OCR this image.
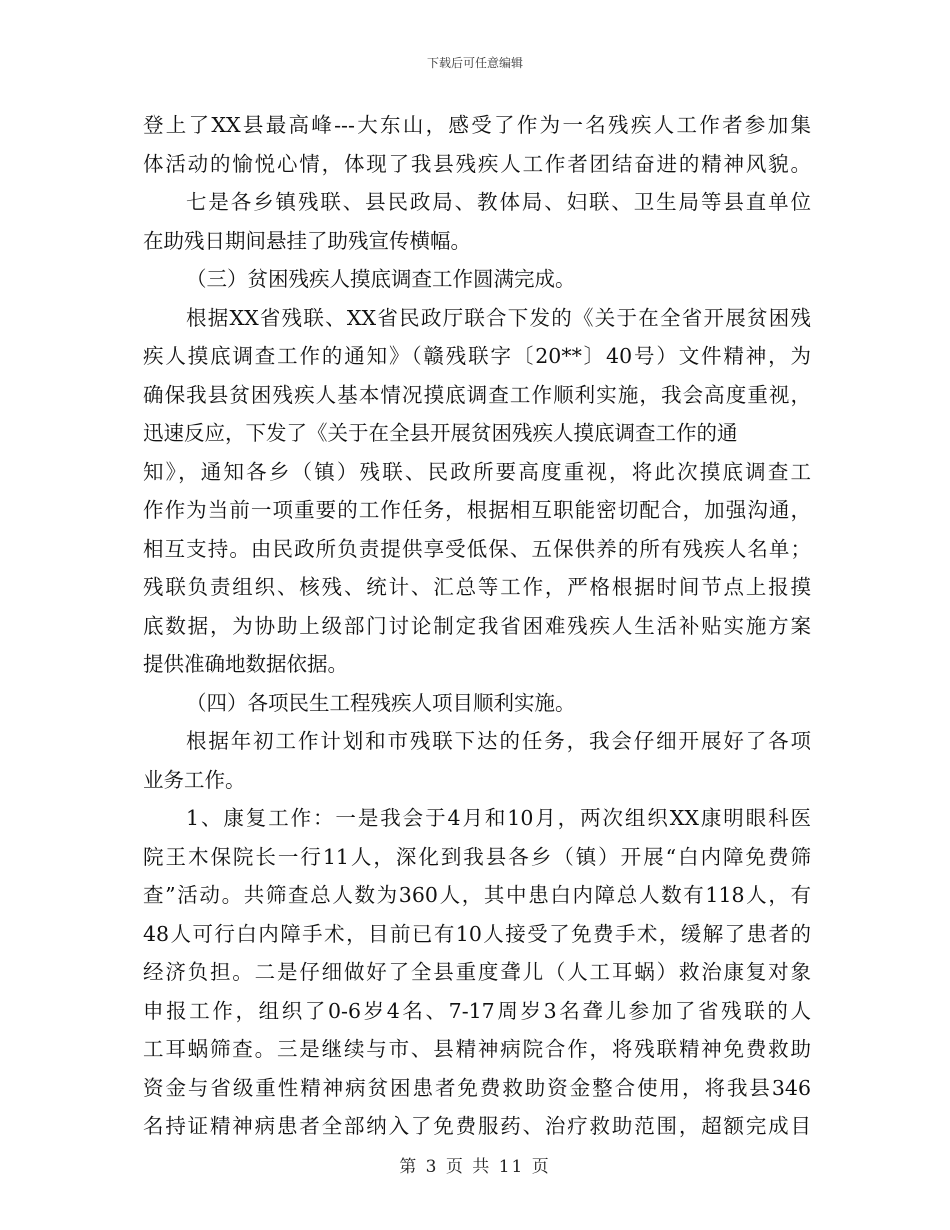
下载后可任意编辑
登上了XX县最高峰---大东山，感受了作为一名残疾人工作者参加集
体活动的愉悦心情，体现了我县残疾人工作者团结奋进的精神风貌。
七是各乡镇残联、县民政局、教体局、妇联、卫生局等县直单位
在助残日期间悬挂了助残宣传横幅。
（三）贫困残疾人摸底调查工作圆满完成。
根据XX省残联、XX省民政厅联合下发的《关于在全省开展贫困残
疾人摸底调查工作的通知》（赣残联字〔20**〕40号）文件精神，为
确保我县贫困残疾人基本情况摸底调查工作顺利实施，我会高度重视，
迅速反应，下发了《关于在全县开展贫困残疾人摸底调查工作的通
知》，通知各乡（镇）残联、民政所要高度重视，将此次摸底调查工
作作为当前一项重要的工作任务，根据相互职能密切配合，加强沟通，
相互支持。由民政所负责提供享受低保、五保供养的所有残疾人名单；
残联负责组织、核残、统计、汇总等工作，严格根据时间节点上报摸
底数据，为协助上级部门讨论制定我省困难残疾人生活补贴实施方案
提供准确地数据依据。
（四）各项民生工程残疾人项目顺利实施。
根据年初工作计划和市残联下达的任务，我会仔细开展好了各项
业务工作。
1、康复工作：一是我会于4月和10月，两次组织XX康明眼科医
院王木保院长一行11人，深化到我县各乡（镇）开展“白内障免费筛
查”活动。共筛查总人数为360人，其中患白内障总人数有118人，有
48人可行白内障手术，目前已有10人接受了免费手术，缓解了患者的
经济负担。二是仔细做好了全县重度聋儿（人工耳蜗）救治康复对象
申报工作，组织了0-6岁4名、7-17周岁3名聋儿参加了省残联的人
工耳蜗筛查。三是继续与市、县精神病院合作，将残联精神免费救助
资金与省级重性精神病贫困患者免费救助资金整合使用，将我县346
名持证精神病患者全部纳入了免费服药、治疗救助范围，超额完成目
第 3 页 共 11 页
